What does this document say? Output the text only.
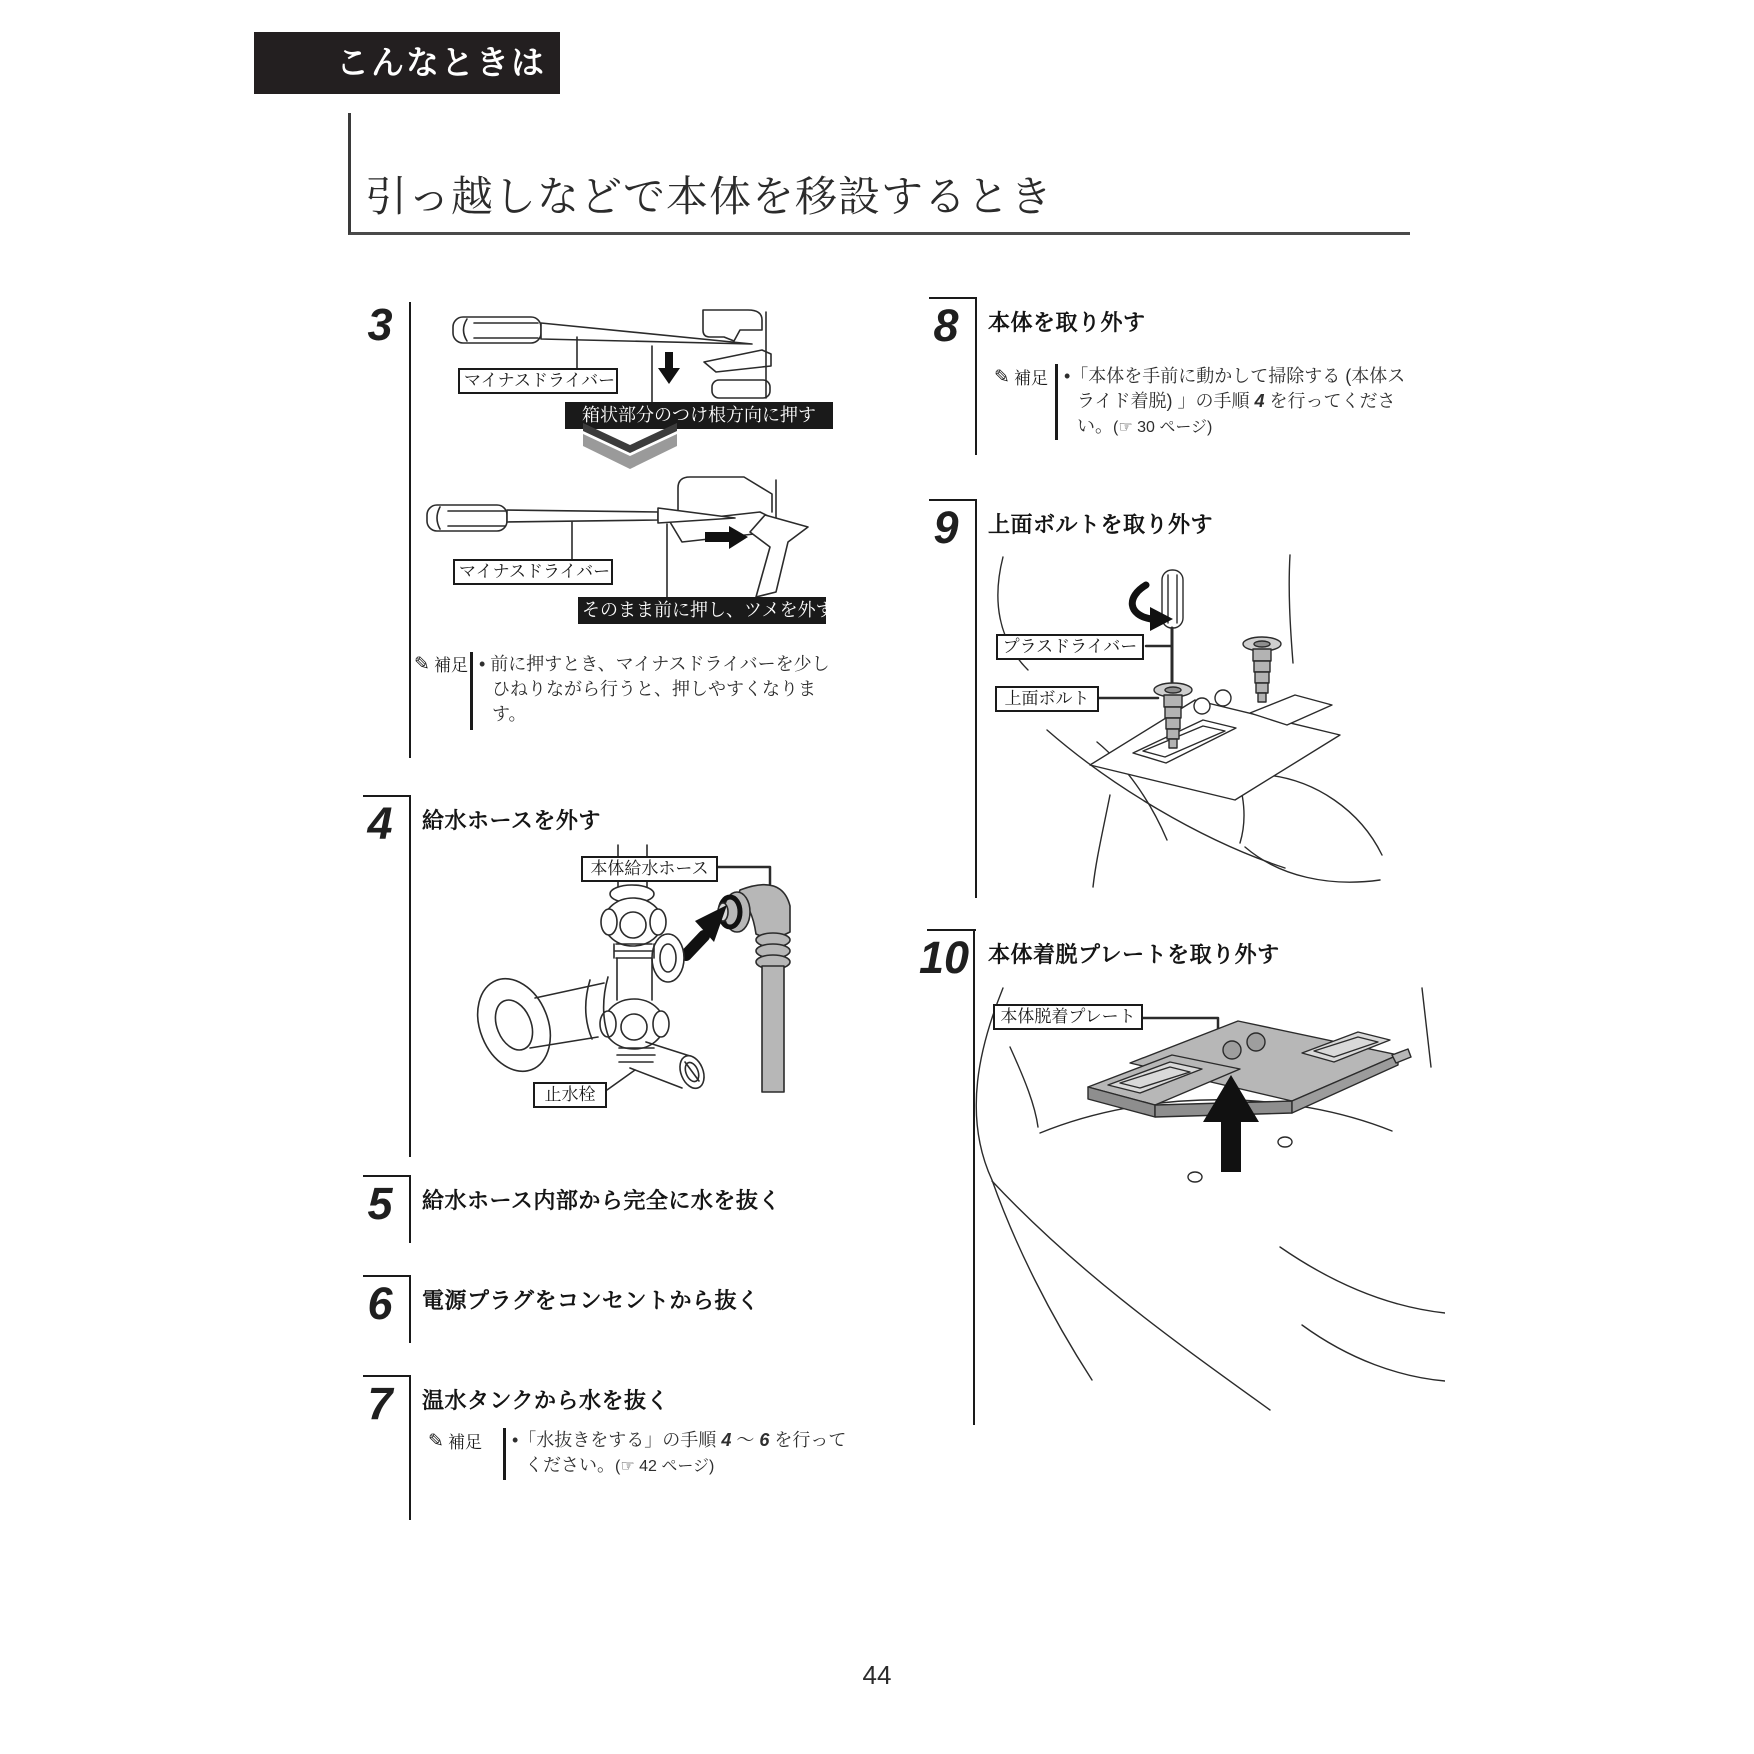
こんなときは
引っ越しなどで本体を移設するとき
3
マイナスドライバー
箱状部分のつけ根方向に押す
マイナスドライバー
そのまま前に押し、ツメを外す
✎ 補足 • 前に押すとき、マイナスドライバーを少し
ひねりながら行うと、押しやすくなりま
す。
4	給水ホースを外す
本体給水ホース
止水栓
5	給水ホース内部から完全に水を抜く
6	電源プラグをコンセントから抜く
7	温水タンクから水を抜く
✎ 補足 •「水抜きをする」の手順 4 〜 6 を行って
ください。(☞ 42 ページ)
8	本体を取り外す
✎ 補足 •「本体を手前に動かして掃除する (本体ス
ライド着脱) 」の手順 4 を行ってくださ
い。(☞ 30 ページ)
9	上面ボルトを取り外す
プラスドライバー
上面ボルト
10 本体着脱プレートを取り外す
本体脱着プレート
44
